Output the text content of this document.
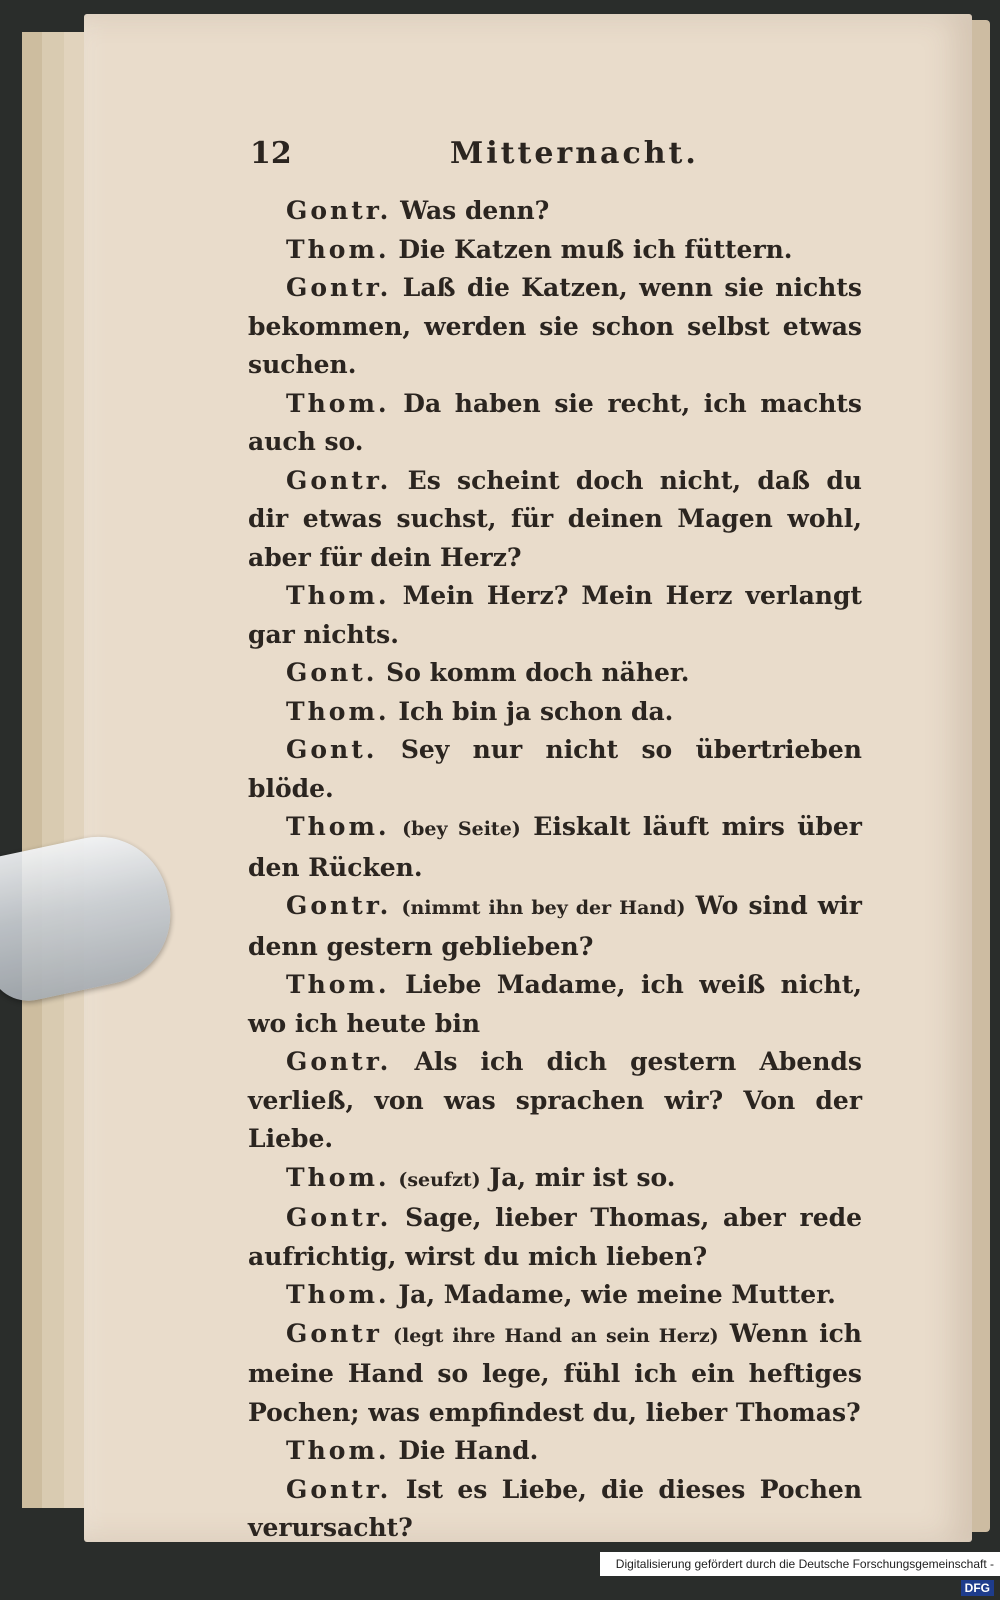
12	Mitternacht.

Gontr. Was denn?

Thom. Die Katzen muß ich füttern.

Gontr. Laß die Katzen, wenn sie nichts bekommen, werden sie schon selbst etwas suchen.

Thom. Da haben sie recht, ich machts auch so.

Gontr. Es scheint doch nicht, daß du dir etwas suchst, für deinen Magen wohl, aber für dein Herz?

Thom. Mein Herz? Mein Herz verlangt gar nichts.

Gont. So komm doch näher.

Thom. Ich bin ja schon da.

Gont. Sey nur nicht so übertrieben blöde.

Thom. (bey Seite) Eiskalt läuft mirs über den Rücken.

Gontr. (nimmt ihn bey der Hand) Wo sind wir denn gestern geblieben?

Thom. Liebe Madame, ich weiß nicht, wo ich heute bin

Gontr. Als ich dich gestern Abends verließ, von was sprachen wir? Von der Liebe.

Thom. (seufzt) Ja, mir ist so.

Gontr. Sage, lieber Thomas, aber rede aufrichtig, wirst du mich lieben?

Thom. Ja, Madame, wie meine Mutter.

Gontr (legt ihre Hand an sein Herz) Wenn ich meine Hand so lege, fühl ich ein heftiges Pochen; was empfindest du, lieber Thomas?

Thom. Die Hand.

Gontr. Ist es Liebe, die dieses Pochen verursacht?

Digitalisierung gefördert durch die Deutsche Forschungsgemeinschaft -DFG
